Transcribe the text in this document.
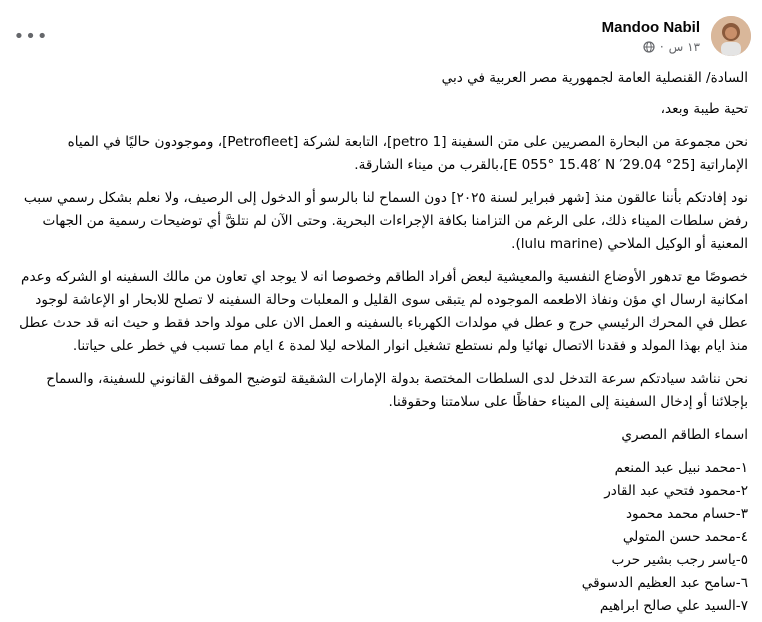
•••	Mandoo Nabil
١٣ س
·

السادة/ القنصلية العامة لجمهورية مصر العربية في دبي

تحية طيبة وبعد،

نحن مجموعة من البحارة المصريين على متن السفينة [petro 1]، التابعة لشركة [Petrofleet]، وموجودون حاليًا في المياه الإماراتية [25° 29.04′ E 055° 15.48′ N]،بالقرب من ميناء الشارقة.

نود إفادتكم بأننا عالقون منذ [شهر فبراير لسنة ٢٠٢٥] دون السماح لنا بالرسو أو الدخول إلى الرصيف، ولا نعلم بشكل رسمي سبب رفض سلطات الميناء ذلك، على الرغم من التزامنا بكافة الإجراءات البحرية. وحتى الآن لم نتلقَّ أي توضيحات رسمية من الجهات المعنية أو الوكيل الملاحي (lulu marine).

خصوصًا مع تدهور الأوضاع النفسية والمعيشية لبعض أفراد الطاقم وخصوصا انه لا يوجد اي تعاون من مالك السفينه او الشركه وعدم امكانية ارسال اي مؤن ونفاذ الاطعمه الموجوده لم يتبقى سوى القليل و المعلبات وحالة السفينه لا تصلح للابحار او الإعاشة لوجود عطل في المحرك الرئيسي حرج و عطل في مولدات الكهرباء بالسفينه و العمل الان على مولد واحد فقط و حيث انه قد حدث عطل منذ ايام بهذا المولد و فقدنا الاتصال نهائيا ولم نستطع تشغيل انوار الملاحه ليلا لمدة ٤ ايام مما تسبب في خطر على حياتنا.

نحن نناشد سيادتكم سرعة التدخل لدى السلطات المختصة بدولة الإمارات الشقيقة لتوضيح الموقف القانوني للسفينة، والسماح بإجلائنا أو إدخال السفينة إلى الميناء حفاظًا على سلامتنا وحقوقنا.

اسماء الطاقم المصري

١-محمد نبيل عبد المنعم
٢-محمود فتحي عبد القادر
٣-حسام محمد محمود
٤-محمد حسن المتولي
٥-ياسر رجب بشير حرب
٦-سامح عبد العظيم الدسوقي
٧-السيد علي صالح ابراهيم
